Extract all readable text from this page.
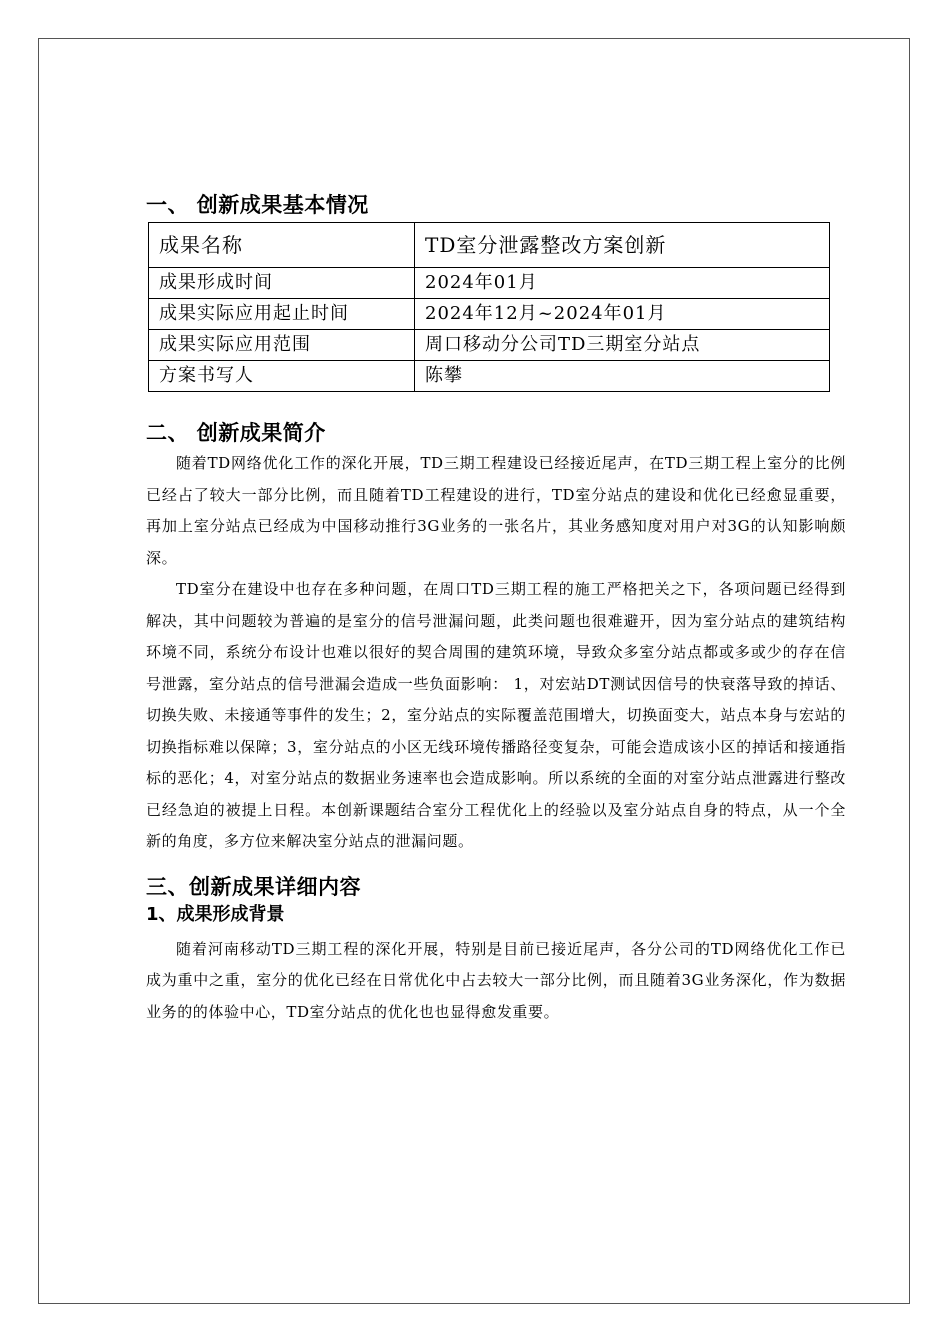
一、 创新成果基本情况
成果名称	TD室分泄露整改方案创新
成果形成时间	2024年01月
成果实际应用起止时间	2024年12月~2024年01月
成果实际应用范围	周口移动分公司TD三期室分站点
方案书写人	陈攀
二、 创新成果简介

随着TD网络优化工作的深化开展，TD三期工程建设已经接近尾声，在TD三期工程上室分的比例已经占了较大一部分比例，而且随着TD工程建设的进行，TD室分站点的建设和优化已经愈显重要，再加上室分站点已经成为中国移动推行3G业务的一张名片，其业务感知度对用户对3G的认知影响颇深。

TD室分在建设中也存在多种问题，在周口TD三期工程的施工严格把关之下，各项问题已经得到解决，其中问题较为普遍的是室分的信号泄漏问题，此类问题也很难避开，因为室分站点的建筑结构环境不同，系统分布设计也难以很好的契合周围的建筑环境，导致众多室分站点都或多或少的存在信号泄露，室分站点的信号泄漏会造成一些负面影响： 1，对宏站DT测试因信号的快衰落导致的掉话、切换失败、未接通等事件的发生；2，室分站点的实际覆盖范围增大，切换面变大，站点本身与宏站的切换指标难以保障；3，室分站点的小区无线环境传播路径变复杂，可能会造成该小区的掉话和接通指标的恶化；4，对室分站点的数据业务速率也会造成影响。所以系统的全面的对室分站点泄露进行整改已经急迫的被提上日程。本创新课题结合室分工程优化上的经验以及室分站点自身的特点，从一个全新的角度，多方位来解决室分站点的泄漏问题。

三、创新成果详细内容
1、成果形成背景

随着河南移动TD三期工程的深化开展，特别是目前已接近尾声，各分公司的TD网络优化工作已成为重中之重，室分的优化已经在日常优化中占去较大一部分比例，而且随着3G业务深化，作为数据业务的的体验中心，TD室分站点的优化也也显得愈发重要。
